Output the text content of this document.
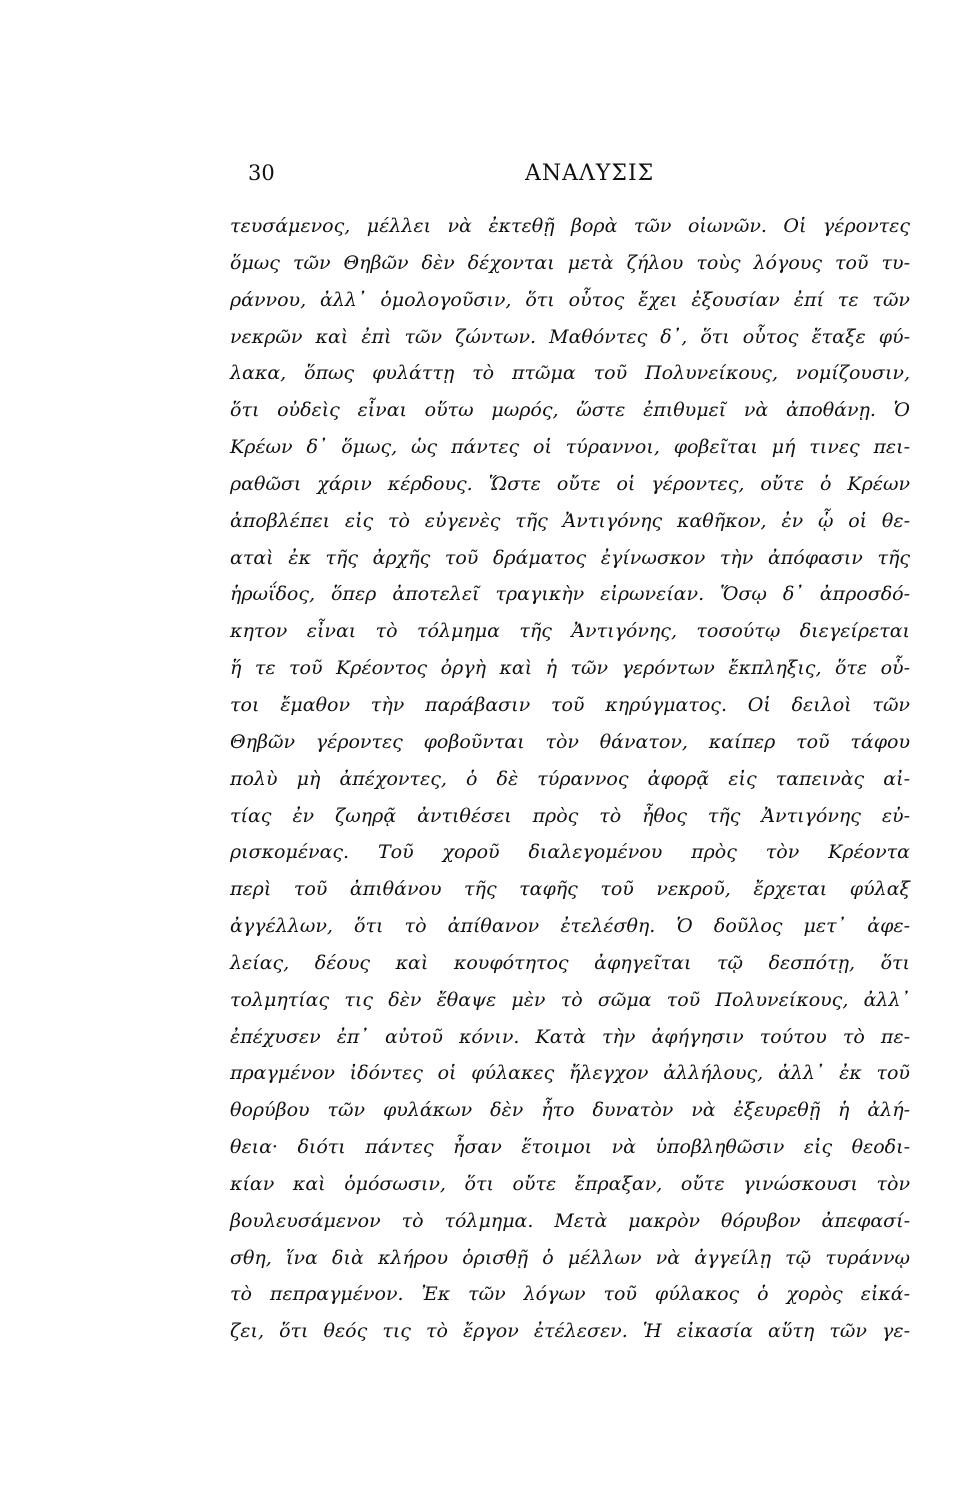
30	ΑΝΑΛΥΣΙΣ
τευσάμενος, μέλλει νὰ ἐκτεθῇ βορὰ τῶν οἰωνῶν. Οἱ γέροντες
ὅμως τῶν Θηβῶν δὲν δέχονται μετὰ ζήλου τοὺς λόγους τοῦ τυ-
ράννου, ἀλλ᾽ ὁμολογοῦσιν, ὅτι οὗτος ἔχει ἐξουσίαν ἐπί τε τῶν
νεκρῶν καὶ ἐπὶ τῶν ζώντων. Μαθόντες δ᾽, ὅτι οὗτος ἔταξε φύ-
λακα, ὅπως φυλάττῃ τὸ πτῶμα τοῦ Πολυνείκους, νομίζουσιν,
ὅτι οὐδεὶς εἶναι οὕτω μωρός, ὥστε ἐπιθυμεῖ νὰ ἀποθάνῃ. Ὁ
Κρέων δ᾽ ὅμως, ὡς πάντες οἱ τύραννοι, φοβεῖται μή τινες πει-
ραθῶσι χάριν κέρδους. Ὥστε οὔτε οἱ γέροντες, οὔτε ὁ Κρέων
ἀποβλέπει εἰς τὸ εὐγενὲς τῆς Ἀντιγόνης καθῆκον, ἐν ᾧ οἱ θε-
αταὶ ἐκ τῆς ἀρχῆς τοῦ δράματος ἐγίνωσκον τὴν ἀπόφασιν τῆς
ἡρωΐδος, ὅπερ ἀποτελεῖ τραγικὴν εἰρωνείαν. Ὅσῳ δ᾽ ἀπροσδό-
κητον εἶναι τὸ τόλμημα τῆς Ἀντιγόνης, τοσούτῳ διεγείρεται
ἥ τε τοῦ Κρέοντος ὀργὴ καὶ ἡ τῶν γερόντων ἔκπληξις, ὅτε οὗ-
τοι ἔμαθον τὴν παράβασιν τοῦ κηρύγματος. Οἱ δειλοὶ τῶν
Θηβῶν γέροντες φοβοῦνται τὸν θάνατον, καίπερ τοῦ τάφου
πολὺ μὴ ἀπέχοντες, ὁ δὲ τύραννος ἀφορᾷ εἰς ταπεινὰς αἰ-
τίας ἐν ζωηρᾷ ἀντιθέσει πρὸς τὸ ἦθος τῆς Ἀντιγόνης εὐ-
ρισκομένας. Τοῦ χοροῦ διαλεγομένου πρὸς τὸν Κρέοντα
περὶ τοῦ ἀπιθάνου τῆς ταφῆς τοῦ νεκροῦ, ἔρχεται φύλαξ
ἀγγέλλων, ὅτι τὸ ἀπίθανον ἐτελέσθη. Ὁ δοῦλος μετ᾽ ἀφε-
λείας, δέους καὶ κουφότητος ἀφηγεῖται τῷ δεσπότῃ, ὅτι
τολμητίας τις δὲν ἔθαψε μὲν τὸ σῶμα τοῦ Πολυνείκους, ἀλλ᾽
ἐπέχυσεν ἐπ᾽ αὐτοῦ κόνιν. Κατὰ τὴν ἀφήγησιν τούτου τὸ πε-
πραγμένον ἰδόντες οἱ φύλακες ἤλεγχον ἀλλήλους, ἀλλ᾽ ἐκ τοῦ
θορύβου τῶν φυλάκων δὲν ἦτο δυνατὸν νὰ ἐξευρεθῇ ἡ ἀλή-
θεια· διότι πάντες ἦσαν ἕτοιμοι νὰ ὑποβληθῶσιν εἰς θεοδι-
κίαν καὶ ὁμόσωσιν, ὅτι οὔτε ἔπραξαν, οὔτε γινώσκουσι τὸν
βουλευσάμενον τὸ τόλμημα. Μετὰ μακρὸν θόρυβον ἀπεφασί-
σθη, ἵνα διὰ κλήρου ὁρισθῇ ὁ μέλλων νὰ ἀγγείλῃ τῷ τυράννῳ
τὸ πεπραγμένον. Ἐκ τῶν λόγων τοῦ φύλακος ὁ χορὸς εἰκά-
ζει, ὅτι θεός τις τὸ ἔργον ἐτέλεσεν. Ἡ εἰκασία αὕτη τῶν γε-
